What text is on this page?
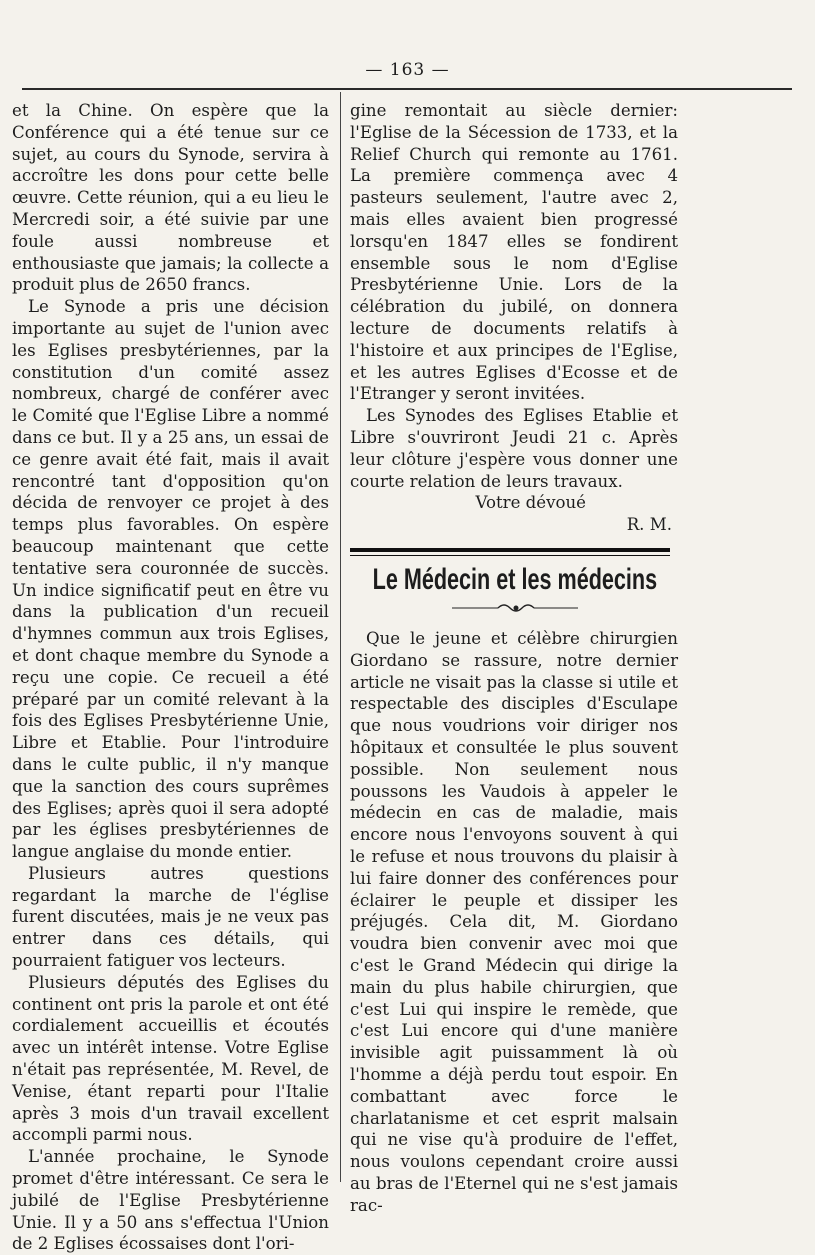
— 163 —

et la Chine. On espère que la Conférence qui a été tenue sur ce sujet, au cours du Synode, servira à accroître les dons pour cette belle œuvre. Cette réunion, qui a eu lieu le Mercredi soir, a été suivie par une foule aussi nombreuse et enthousiaste que jamais; la collecte a produit plus de 2650 francs.

Le Synode a pris une décision importante au sujet de l'union avec les Eglises presbytériennes, par la constitution d'un comité assez nombreux, chargé de conférer avec le Comité que l'Eglise Libre a nommé dans ce but. Il y a 25 ans, un essai de ce genre avait été fait, mais il avait rencontré tant d'opposition qu'on décida de renvoyer ce projet à des temps plus favorables. On espère beaucoup maintenant que cette tentative sera couronnée de succès. Un indice significatif peut en être vu dans la publication d'un recueil d'hymnes commun aux trois Eglises, et dont chaque membre du Synode a reçu une copie. Ce recueil a été préparé par un comité relevant à la fois des Eglises Presbytérienne Unie, Libre et Etablie. Pour l'introduire dans le culte public, il n'y manque que la sanction des cours suprêmes des Eglises; après quoi il sera adopté par les églises presbytériennes de langue anglaise du monde entier.

Plusieurs autres questions regardant la marche de l'église furent discutées, mais je ne veux pas entrer dans ces détails, qui pourraient fatiguer vos lecteurs.

Plusieurs députés des Eglises du continent ont pris la parole et ont été cordialement accueillis et écoutés avec un intérêt intense. Votre Eglise n'était pas représentée, M. Revel, de Venise, étant reparti pour l'Italie après 3 mois d'un travail excellent accompli parmi nous.

L'année prochaine, le Synode promet d'être intéressant. Ce sera le jubilé de l'Eglise Presbytérienne Unie. Il y a 50 ans s'effectua l'Union de 2 Eglises écossaises dont l'ori-

gine remontait au siècle dernier: l'Eglise de la Sécession de 1733, et la Relief Church qui remonte au 1761. La première commença avec 4 pasteurs seulement, l'autre avec 2, mais elles avaient bien progressé lorsqu'en 1847 elles se fondirent ensemble sous le nom d'Eglise Presbytérienne Unie. Lors de la célébration du jubilé, on donnera lecture de documents relatifs à l'histoire et aux principes de l'Eglise, et les autres Eglises d'Ecosse et de l'Etranger y seront invitées.

Les Synodes des Eglises Etablie et Libre s'ouvriront Jeudi 21 c. Après leur clôture j'espère vous donner une courte relation de leurs travaux.

Votre dévoué

R. M.

Le Médecin et les médecins

Que le jeune et célèbre chirurgien Giordano se rassure, notre dernier article ne visait pas la classe si utile et respectable des disciples d'Esculape que nous voudrions voir diriger nos hôpitaux et consultée le plus souvent possible. Non seulement nous poussons les Vaudois à appeler le médecin en cas de maladie, mais encore nous l'envoyons souvent à qui le refuse et nous trouvons du plaisir à lui faire donner des conférences pour éclairer le peuple et dissiper les préjugés. Cela dit, M. Giordano voudra bien convenir avec moi que c'est le Grand Médecin qui dirige la main du plus habile chirurgien, que c'est Lui qui inspire le remède, que c'est Lui encore qui d'une manière invisible agit puissamment là où l'homme a déjà perdu tout espoir. En combattant avec force le charlatanisme et cet esprit malsain qui ne vise qu'à produire de l'effet, nous voulons cependant croire aussi au bras de l'Eternel qui ne s'est jamais rac-
